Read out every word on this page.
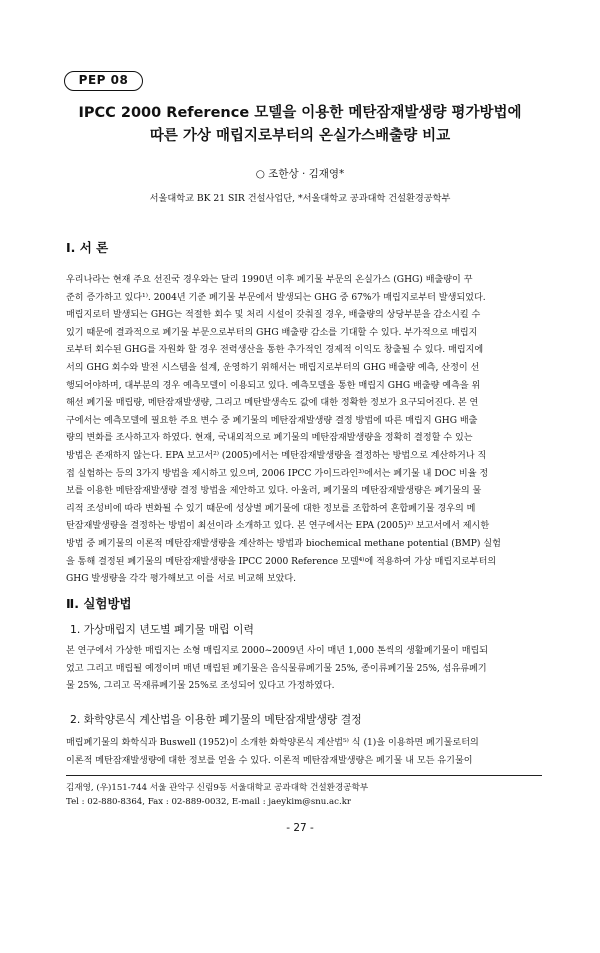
PEP 08
IPCC 2000 Reference 모델을 이용한 메탄잠재발생량 평가방법에
따른 가상 매립지로부터의 온실가스배출량 비교
○ 조한상 · 김재영*
서울대학교 BK 21 SIR 건설사업단, *서울대학교 공과대학 건설환경공학부
Ⅰ. 서 론
우리나라는 현재 주요 선진국 경우와는 달리 1990년 이후 폐기물 부문의 온실가스 (GHG) 배출량이 꾸
준히 증가하고 있다¹⁾. 2004년 기준 폐기물 부문에서 발생되는 GHG 중 67%가 매립지로부터 발생되었다.
매립지로터 발생되는 GHG는 적절한 회수 및 처리 시설이 갖춰질 경우, 배출량의 상당부분을 감소시킬 수
있기 때문에 결과적으로 폐기물 부문으로부터의 GHG 배출량 감소를 기대할 수 있다. 부가적으로 매립지
로부터 회수된 GHG를 자원화 할 경우 전력생산을 통한 추가적인 경제적 이익도 창출될 수 있다. 매립지에
서의 GHG 회수와 발전 시스템을 설계, 운영하기 위해서는 매립지로부터의 GHG 배출량 예측, 산정이 선
행되어야하며, 대부분의 경우 예측모델이 이용되고 있다. 예측모델을 통한 매립지 GHG 배출량 예측을 위
해선 폐기물 매립량, 메탄잠재발생량, 그리고 메탄발생속도 값에 대한 정확한 정보가 요구되어진다. 본 연
구에서는 예측모델에 필요한 주요 변수 중 폐기물의 메탄잠재발생량 결정 방법에 따른 매립지 GHG 배출
량의 변화를 조사하고자 하였다. 현재, 국내외적으로 폐기물의 메탄잠재발생량을 정확히 결정할 수 있는
방법은 존재하지 않는다. EPA 보고서²⁾ (2005)에서는 메탄잠재발생량을 결정하는 방법으로 계산하거나 직
접 실험하는 등의 3가지 방법을 제시하고 있으며, 2006 IPCC 가이드라인³⁾에서는 폐기물 내 DOC 비율 정
보를 이용한 메탄잠재발생량 결정 방법을 제안하고 있다. 아울러, 폐기물의 메탄잠재발생량은 폐기물의 물
리적 조성비에 따라 변화될 수 있기 때문에 성상별 폐기물에 대한 정보를 조합하여 혼합폐기물 경우의 메
탄잠재발생량을 결정하는 방법이 최선이라 소개하고 있다. 본 연구에서는 EPA (2005)²⁾ 보고서에서 제시한
방법 중 폐기물의 이론적 메탄잠재발생량을 계산하는 방법과 biochemical methane potential (BMP) 실험
을 통해 결정된 폐기물의 메탄잠재발생량을 IPCC 2000 Reference 모델⁴⁾에 적용하여 가상 매립지로부터의
GHG 발생량을 각각 평가해보고 이를 서로 비교해 보았다.
Ⅱ. 실험방법
1. 가상매립지 년도별 폐기물 매립 이력
본 연구에서 가상한 매립지는 소형 매립지로 2000~2009년 사이 매년 1,000 톤씩의 생활폐기물이 매립되
었고 그리고 매립될 예정이며 매년 매립된 폐기물은 음식물류폐기물 25%, 종이류폐기물 25%, 섬유류폐기
물 25%, 그리고 목재류폐기물 25%로 조성되어 있다고 가정하였다.
2. 화학양론식 계산법을 이용한 폐기물의 메탄잠재발생량 결정
매립폐기물의 화학식과 Buswell (1952)이 소개한 화학양론식 계산법⁵⁾ 식 (1)을 이용하면 폐기물로터의
이론적 메탄잠재발생량에 대한 정보를 얻을 수 있다. 이론적 메탄잠재발생량은 폐기물 내 모든 유기물이
김재영, (우)151-744 서울 관악구 신림9동 서울대학교 공과대학 건설환경공학부
Tel : 02-880-8364, Fax : 02-889-0032, E-mail : jaeykim@snu.ac.kr
- 27 -
